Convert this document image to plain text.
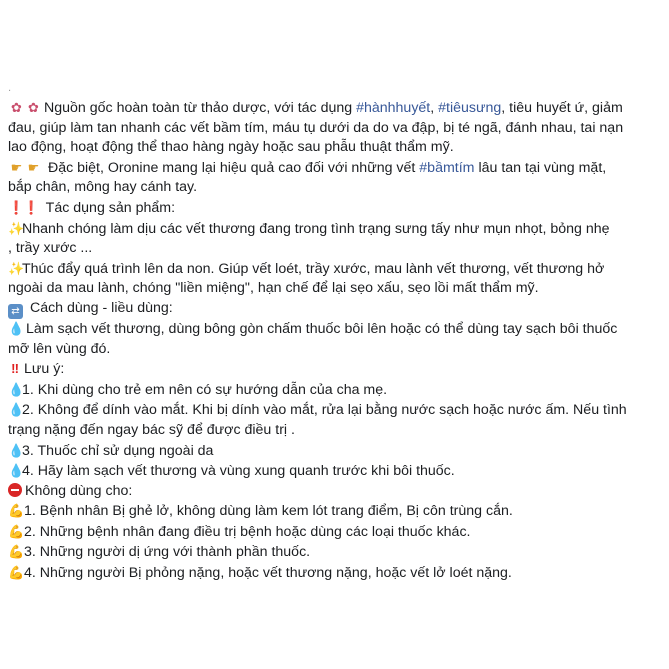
‧
✿ ✿ Nguồn gốc hoàn toàn từ thảo dược, với tác dụng #hànhhuyết, #tiêusưng, tiêu huyết ứ, giảm
đau, giúp làm tan nhanh các vết bầm tím, máu tụ dưới da do va đập, bị té ngã, đánh nhau, tai nạn
lao động, hoạt động thể thao hàng ngày hoặc sau phẫu thuật thẩm mỹ.
☛ ☛ Đặc biệt, Oronine mang lại hiệu quả cao đối với những vết #bầmtím lâu tan tại vùng mặt,
bắp chân, mông hay cánh tay.
❗❗ Tác dụng sản phẩm:
✨Nhanh chóng làm dịu các vết thương đang trong tình trạng sưng tấy như mụn nhọt, bỏng nhẹ
, trầy xước ...
✨Thúc đẩy quá trình lên da non. Giúp vết loét, trầy xước, mau lành vết thương, vết thương hở
ngoài da mau lành, chóng "liền miệng", hạn chế để lại sẹo xấu, sẹo lồi mất thẩm mỹ.
⇄ Cách dùng - liều dùng:
💧 Làm sạch vết thương, dùng bông gòn chấm thuốc bôi lên hoặc có thể dùng tay sạch bôi thuốc
mỡ lên vùng đó.
‼ Lưu ý:
💧1. Khi dùng cho trẻ em nên có sự hướng dẫn của cha mẹ.
💧2. Không để dính vào mắt. Khi bị dính vào mắt, rửa lại bằng nước sạch hoặc nước ấm. Nếu tình
trạng nặng đến ngay bác sỹ để được điều trị .
💧3. Thuốc chỉ sử dụng ngoài da
💧4. Hãy làm sạch vết thương và vùng xung quanh trước khi bôi thuốc.
Không dùng cho:
💪1. Bệnh nhân Bị ghẻ lở, không dùng làm kem lót trang điểm, Bị côn trùng cắn.
💪2. Những bệnh nhân đang điều trị bệnh hoặc dùng các loại thuốc khác.
💪3. Những người dị ứng với thành phần thuốc.
💪4. Những người Bị phỏng nặng, hoặc vết thương nặng, hoặc vết lở loét nặng.
